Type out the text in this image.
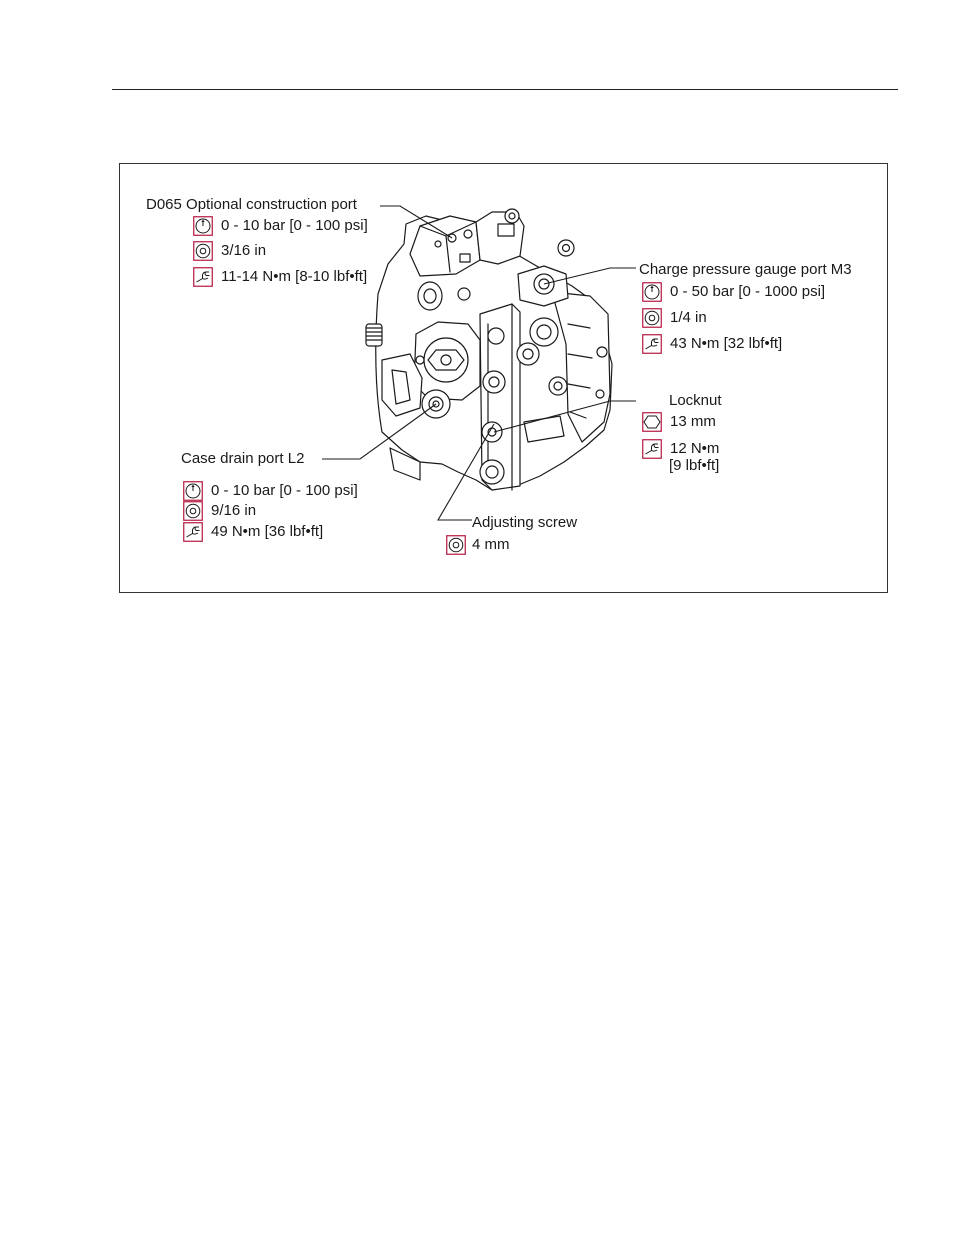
D065 Optional construction port
0 - 10 bar [0 - 100 psi]
3/16 in
11-14 N•m [8-10 lbf•ft]	Charge pressure gauge port M3
0 - 50 bar [0 - 1000 psi]
1/4 in
43 N•m [32 lbf•ft]
Locknut
13 mm
12 N•m
[9 lbf•ft]
Case drain port L2
0 - 10 bar [0 - 100 psi]
9/16 in
49 N•m [36 lbf•ft]
Adjusting screw
4 mm
